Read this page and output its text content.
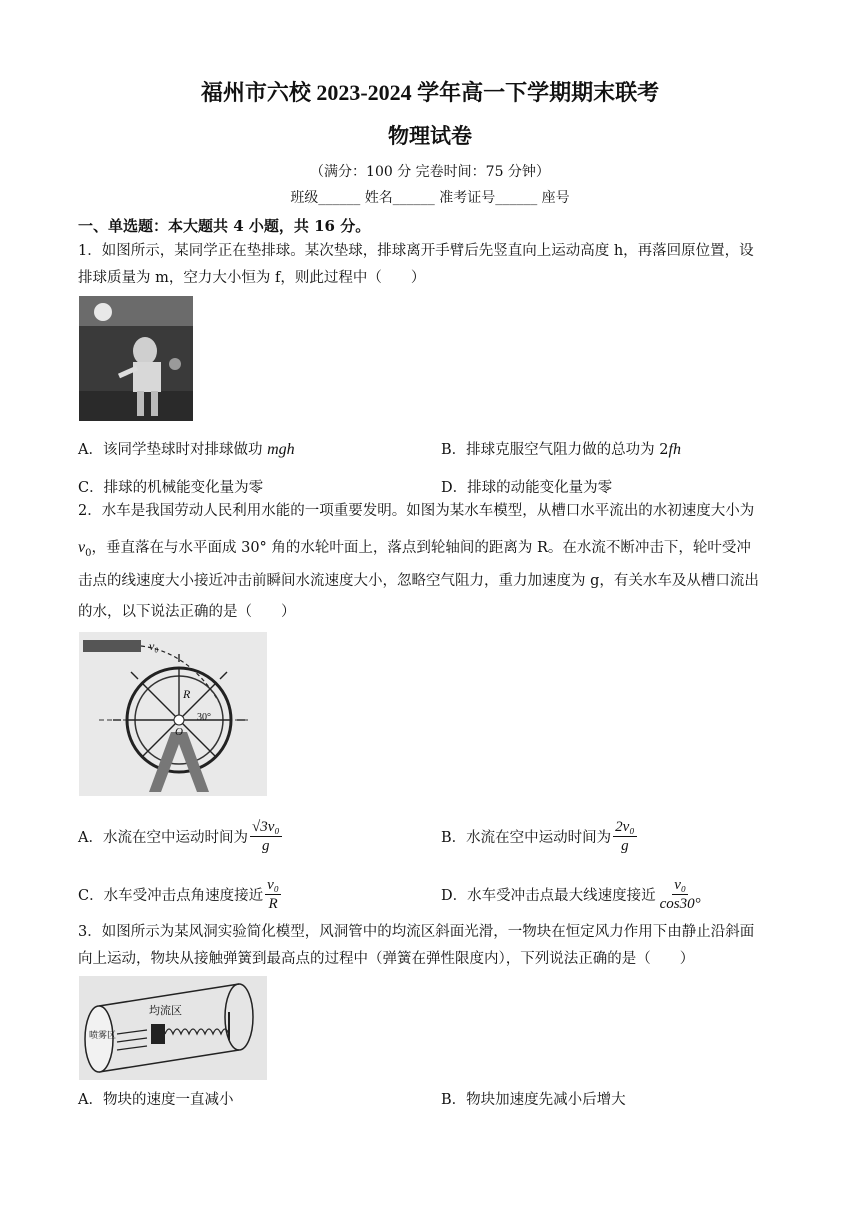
福州市六校 2023-2024 学年高一下学期期末联考
物理试卷
（满分：100 分 完卷时间：75 分钟）
班级______ 姓名______ 准考证号______ 座号
一、单选题：本大题共 4 小题，共 16 分。
1．如图所示，某同学正在垫排球。某次垫球，排球离开手臂后先竖直向上运动高度 h，再落回原位置，设
排球质量为 m，空力大小恒为 f，则此过程中（　　）
A．该同学垫球时对排球做功 mgh	B．排球克服空气阻力做的总功为 2fh
C．排球的机械能变化量为零	D．排球的动能变化量为零
2．水车是我国劳动人民利用水能的一项重要发明。如图为某水车模型，从槽口水平流出的水初速度大小为
$v_0$，垂直落在与水平面成 30° 角的水轮叶面上，落点到轮轴间的距离为 R。在水流不断冲击下，轮叶受冲
击点的线速度大小接近冲击前瞬间水流速度大小，忽略空气阻力，重力加速度为 g，有关水车及从槽口流出
的水，以下说法正确的是（　　）
v₀
R
30°
O
A．水流在空中运动时间为 $\frac{\text{√3v₀}}{g}$	B．水流在空中运动时间为 $\frac{\text{2v₀}}{g}$
C．水车受冲击点角速度接近 $\frac{\text{v₀}}{R}$	D．水车受冲击点最大线速度接近 $\frac{\text{v₀}}{\cos 30^\circ}$
3．如图所示为某风洞实验简化模型，风洞管中的均流区斜面光滑，一物块在恒定风力作用下由静止沿斜面
向上运动，物块从接触弹簧到最高点的过程中（弹簧在弹性限度内），下列说法正确的是（　　）
均流区
喷雾区
A．物块的速度一直减小	B．物块加速度先减小后增大
